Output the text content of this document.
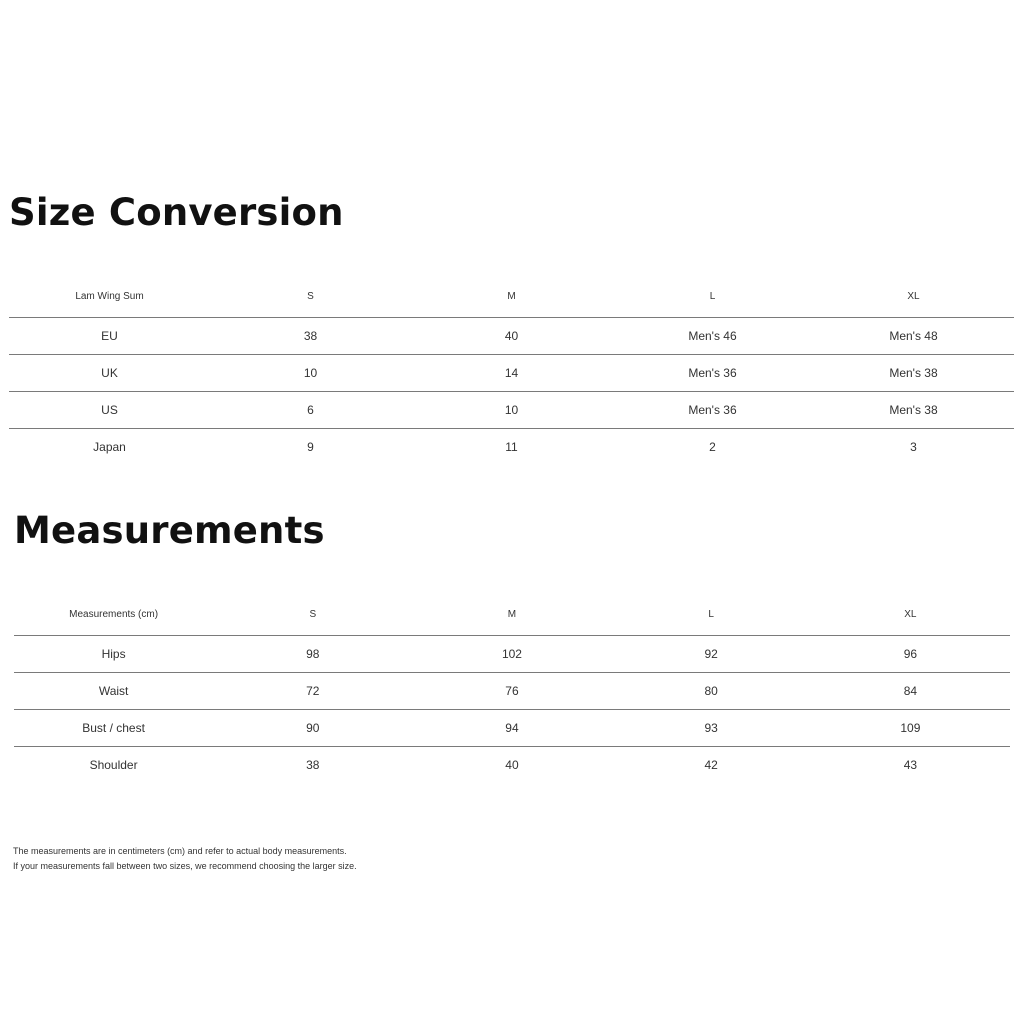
Size Conversion
Lam Wing Sum	S	M	L	XL
EU	38	40	Men's 46	Men's 48
UK	10	14	Men's 36	Men's 38
US	6	10	Men's 36	Men's 38
Japan	9	11	2	3
Measurements
Measurements (cm)	S	M	L	XL
Hips	98	102	92	96
Waist	72	76	80	84
Bust / chest	90	94	93	109
Shoulder	38	40	42	43

The measurements are in centimeters (cm) and refer to actual body measurements.

If your measurements fall between two sizes, we recommend choosing the larger size.
